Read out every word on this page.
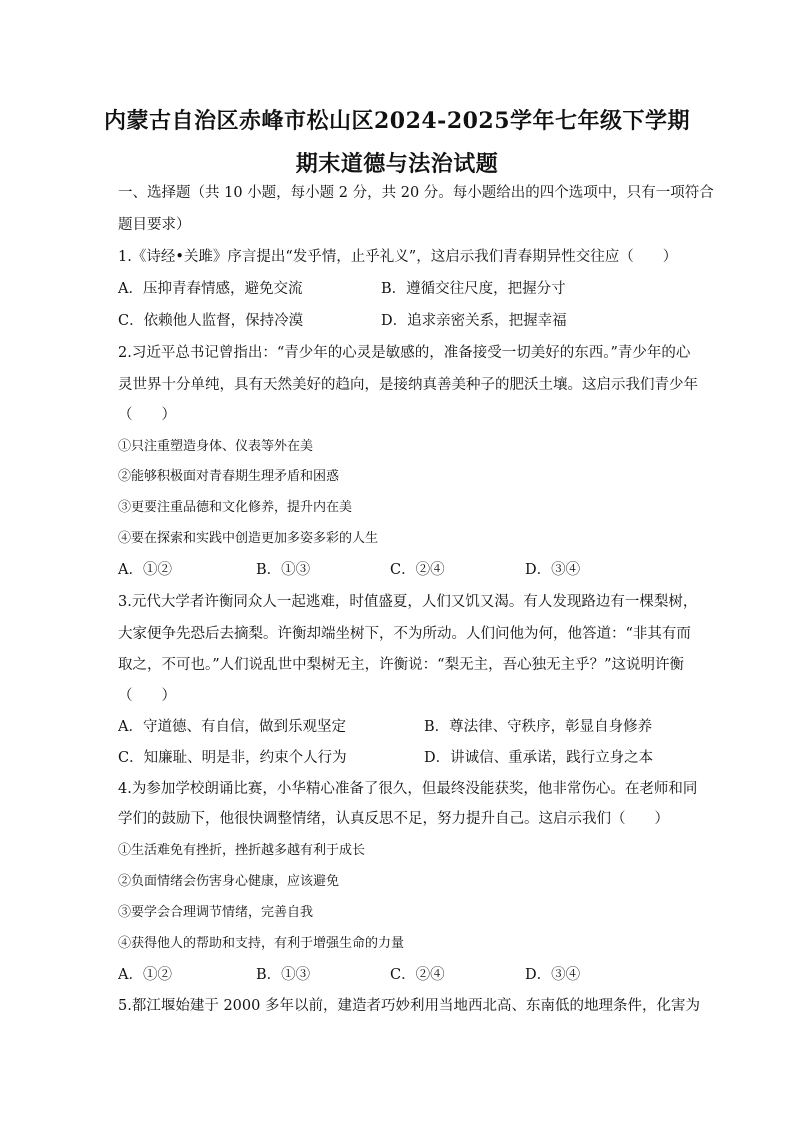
内蒙古自治区赤峰市松山区2024-2025学年七年级下学期
期末道德与法治试题
一、选择题（共 10 小题，每小题 2 分，共 20 分。每小题给出的四个选项中，只有一项符合
题目要求）
1.《诗经•关雎》序言提出“发乎情，止乎礼义”，这启示我们青春期异性交往应（　　）
A．压抑青春情感，避免交流	B．遵循交往尺度，把握分寸
C．依赖他人监督，保持冷漠	D．追求亲密关系，把握幸福
2.习近平总书记曾指出：“青少年的心灵是敏感的，准备接受一切美好的东西。”青少年的心
灵世界十分单纯，具有天然美好的趋向，是接纳真善美种子的肥沃土壤。这启示我们青少年
（　　）
①只注重塑造身体、仪表等外在美
②能够积极面对青春期生理矛盾和困惑
③更要注重品德和文化修养，提升内在美
④要在探索和实践中创造更加多姿多彩的人生
A．①②	B．①③	C．②④	D．③④
3.元代大学者许衡同众人一起逃难，时值盛夏，人们又饥又渴。有人发现路边有一棵梨树，
大家便争先恐后去摘梨。许衡却端坐树下，不为所动。人们问他为何，他答道：“非其有而
取之，不可也。”人们说乱世中梨树无主，许衡说：“梨无主，吾心独无主乎？”这说明许衡
（　　）
A．守道德、有自信，做到乐观坚定	B．尊法律、守秩序，彰显自身修养
C．知廉耻、明是非，约束个人行为	D．讲诚信、重承诺，践行立身之本
4.为参加学校朗诵比赛，小华精心准备了很久，但最终没能获奖，他非常伤心。在老师和同
学们的鼓励下，他很快调整情绪，认真反思不足，努力提升自己。这启示我们（　　）
①生活难免有挫折，挫折越多越有利于成长
②负面情绪会伤害身心健康，应该避免
③要学会合理调节情绪，完善自我
④获得他人的帮助和支持，有利于增强生命的力量
A．①②	B．①③	C．②④	D．③④
5.都江堰始建于 2000 多年以前，建造者巧妙利用当地西北高、东南低的地理条件，化害为
